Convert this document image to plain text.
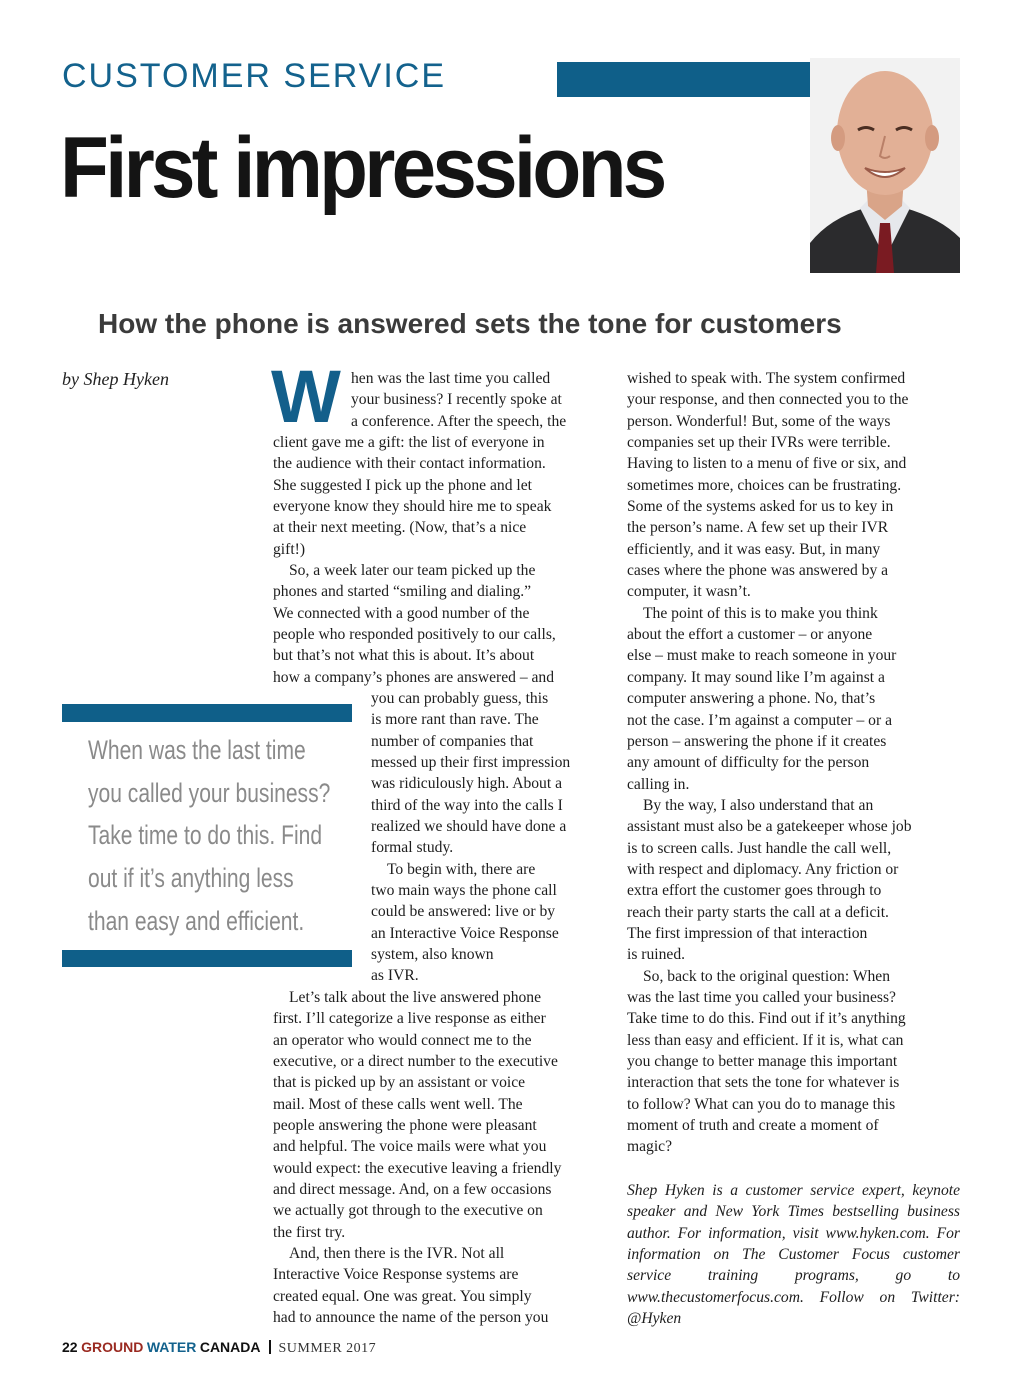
CUSTOMER SERVICE
First impressions
How the phone is answered sets the tone for customers
by Shep Hyken W hen was the last time you called

your business? I recently spoke at

a conference. After the speech, the

client gave me a gift: the list of everyone in

the audience with their contact information.

She suggested I pick up the phone and let

everyone know they should hire me to speak

at their next meeting. (Now, that’s a nice

gift!)

So, a week later our team picked up the

phones and started “smiling and dialing.”

We connected with a good number of the

people who responded positively to our calls,

but that’s not what this is about. It’s about

how a company’s phones are answered – and

you can probably guess, this

is more rant than rave. The

number of companies that

messed up their first impression

was ridiculously high. About a

third of the way into the calls I

realized we should have done a

formal study.

To begin with, there are

two main ways the phone call

could be answered: live or by

an Interactive Voice Response

system, also known

as IVR.

Let’s talk about the live answered phone

first. I’ll categorize a live response as either

an operator who would connect me to the

executive, or a direct number to the executive

that is picked up by an assistant or voice

mail. Most of these calls went well. The

people answering the phone were pleasant

and helpful. The voice mails were what you

would expect: the executive leaving a friendly

and direct message. And, on a few occasions

we actually got through to the executive on

the first try.

And, then there is the IVR. Not all

Interactive Voice Response systems are

created equal. One was great. You simply

had to announce the name of the person you

When was the last time
you called your business?
Take time to do this. Find
out if it’s anything less
than easy and efficient.

wished to speak with. The system confirmed

your response, and then connected you to the

person. Wonderful! But, some of the ways

companies set up their IVRs were terrible.

Having to listen to a menu of five or six, and

sometimes more, choices can be frustrating.

Some of the systems asked for us to key in

the person’s name. A few set up their IVR

efficiently, and it was easy. But, in many

cases where the phone was answered by a

computer, it wasn’t.

The point of this is to make you think

about the effort a customer – or anyone

else – must make to reach someone in your

company. It may sound like I’m against a

computer answering a phone. No, that’s

not the case. I’m against a computer – or a

person – answering the phone if it creates

any amount of difficulty for the person

calling in.

By the way, I also understand that an

assistant must also be a gatekeeper whose job

is to screen calls. Just handle the call well,

with respect and diplomacy. Any friction or

extra effort the customer goes through to

reach their party starts the call at a deficit.

The first impression of that interaction

is ruined.

So, back to the original question: When

was the last time you called your business?

Take time to do this. Find out if it’s anything

less than easy and efficient. If it is, what can

you change to better manage this important

interaction that sets the tone for whatever is

to follow? What can you do to manage this

moment of truth and create a moment of

magic?

Shep Hyken is a customer service expert, keynote speaker and New York Times bestselling business author. For information, visit www.hyken.com. For information on The Customer Focus customer service training programs, go to www.thecustomerfocus.com. Follow on Twitter: @Hyken

22 GROUND WATER CANADA SUMMER 2017
